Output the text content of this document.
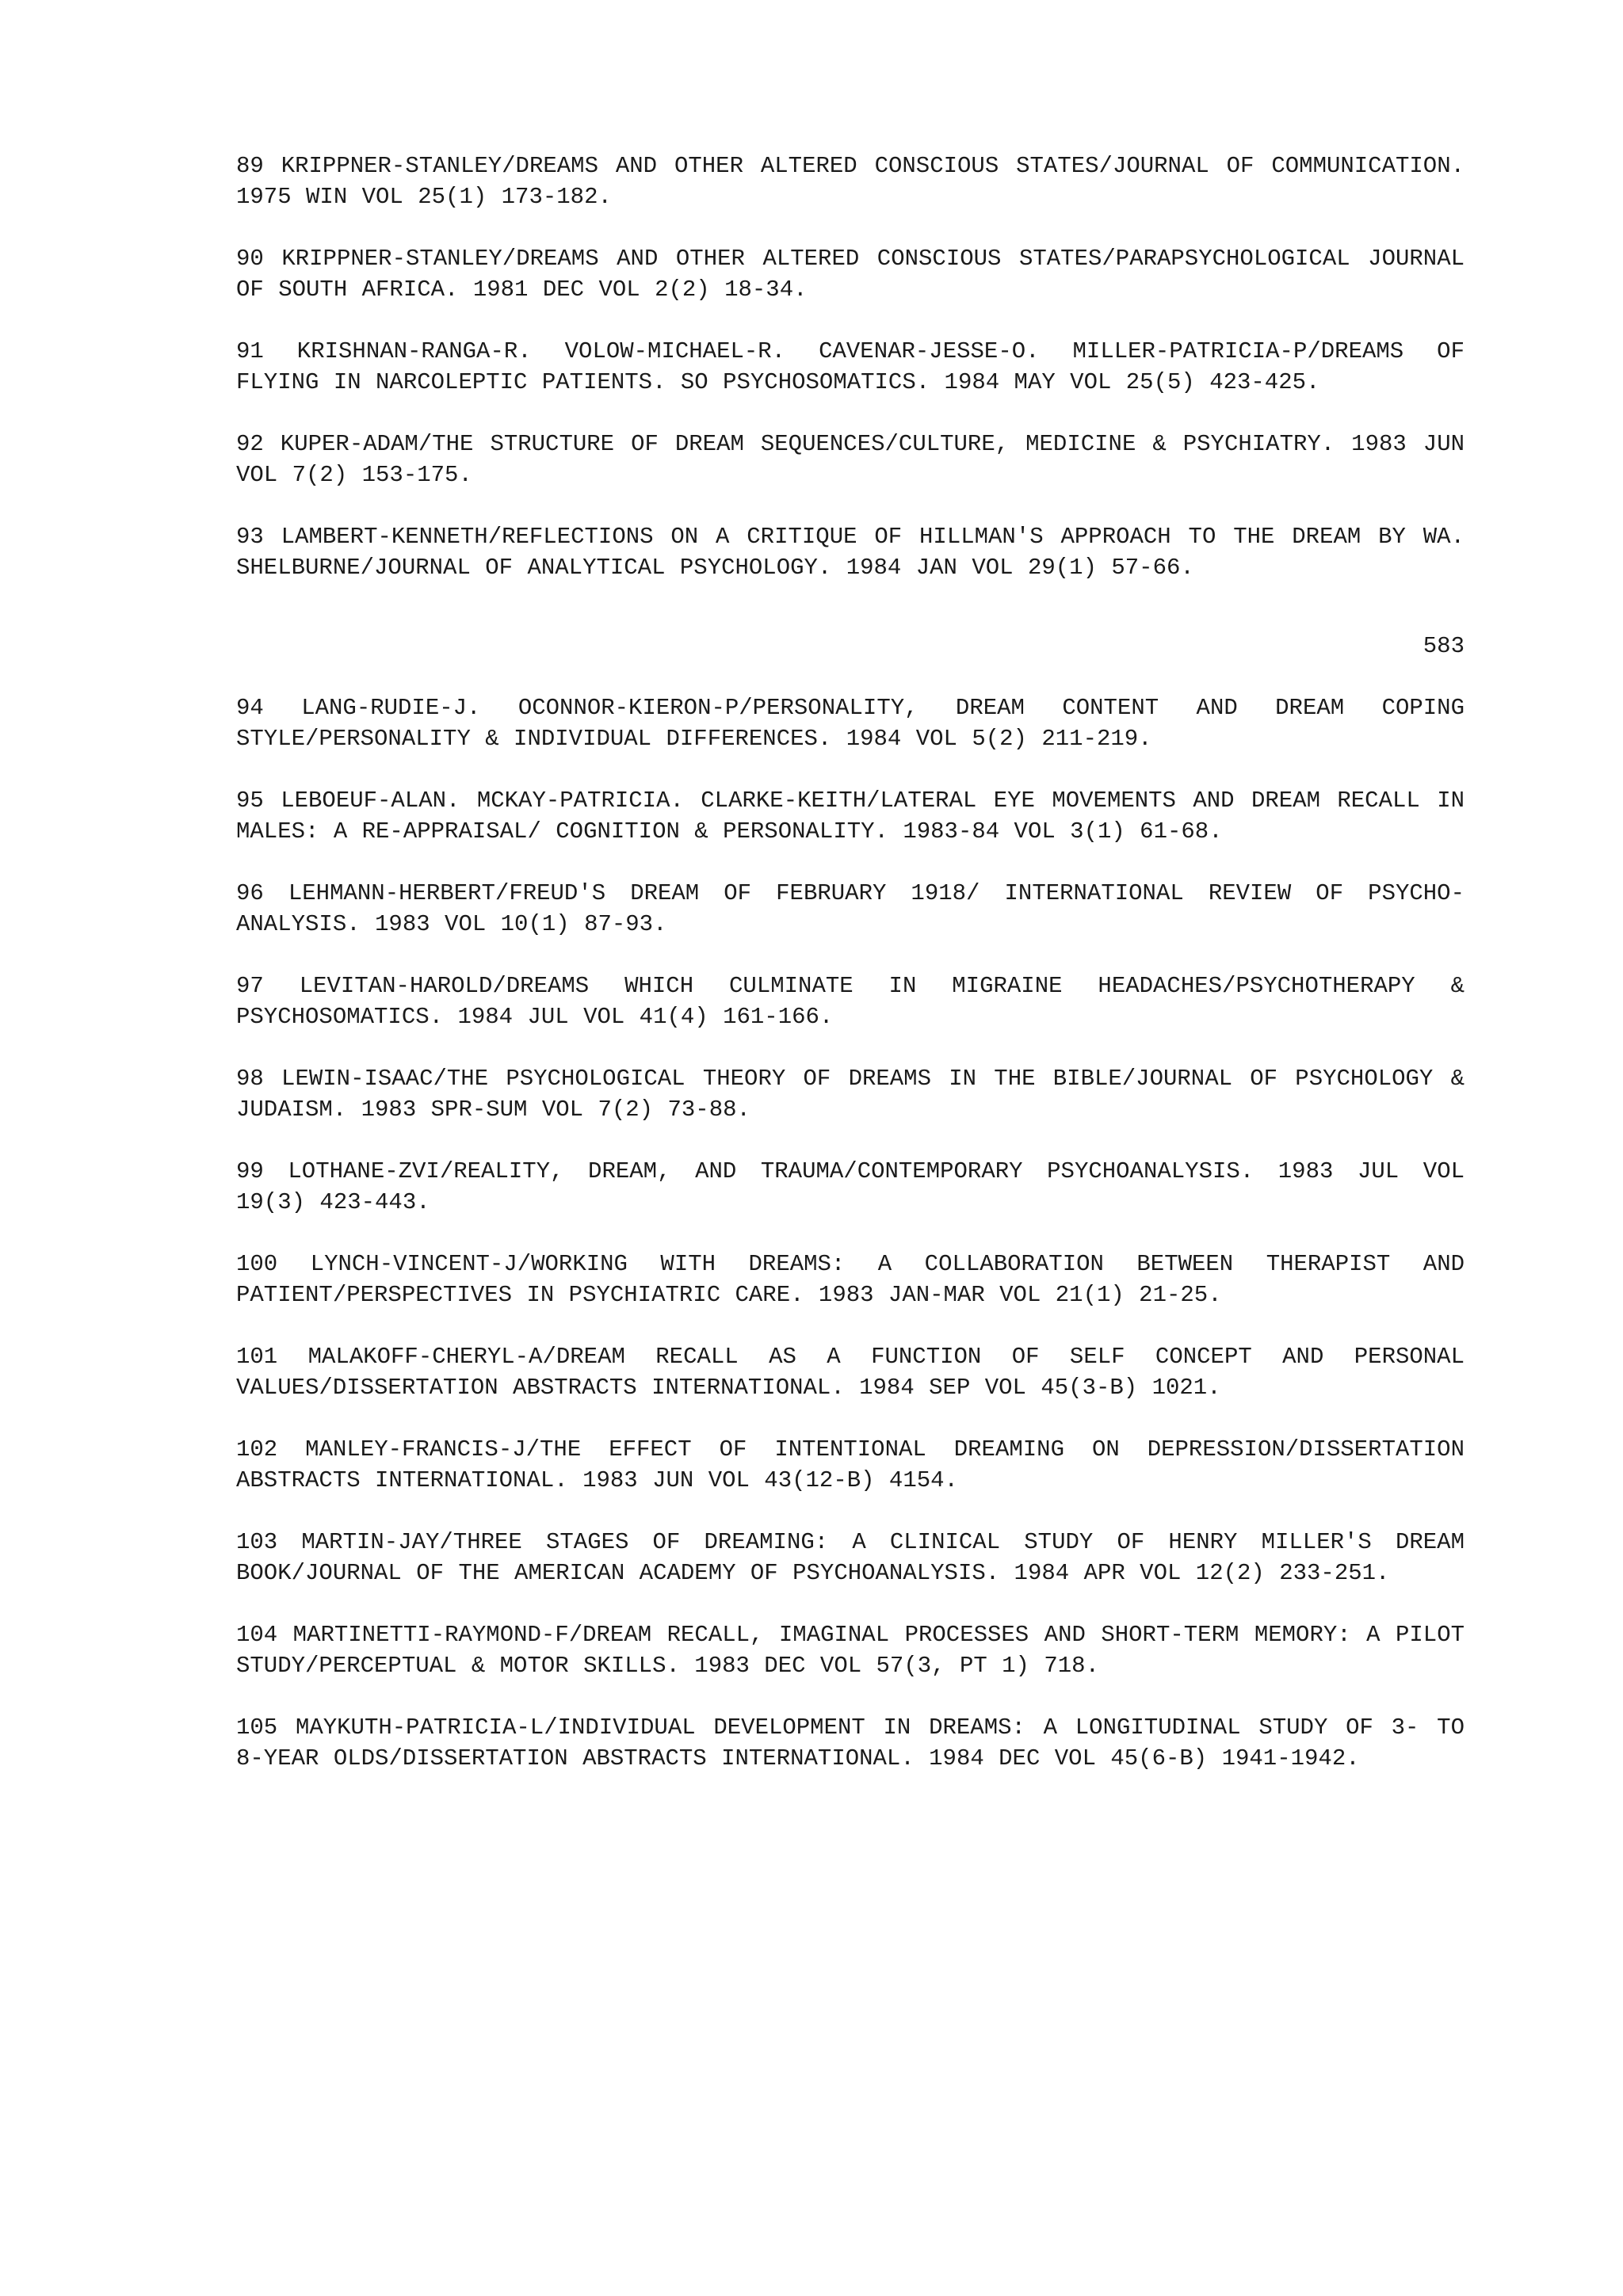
89 KRIPPNER-STANLEY/DREAMS AND OTHER ALTERED CONSCIOUS STATES/JOURNAL OF COMMUNICATION. 1975 WIN VOL 25(1) 173-182.

90 KRIPPNER-STANLEY/DREAMS AND OTHER ALTERED CONSCIOUS STATES/PARAPSYCHOLOGICAL JOURNAL OF SOUTH AFRICA. 1981 DEC VOL 2(2) 18-34.

91 KRISHNAN-RANGA-R. VOLOW-MICHAEL-R. CAVENAR-JESSE-O. MILLER-PATRICIA-P/DREAMS OF FLYING IN NARCOLEPTIC PATIENTS. SO PSYCHOSOMATICS. 1984 MAY VOL 25(5) 423-425.

92 KUPER-ADAM/THE STRUCTURE OF DREAM SEQUENCES/CULTURE, MEDICINE & PSYCHIATRY. 1983 JUN VOL 7(2) 153-175.

93 LAMBERT-KENNETH/REFLECTIONS ON A CRITIQUE OF HILLMAN'S APPROACH TO THE DREAM BY WA. SHELBURNE/JOURNAL OF ANALYTICAL PSYCHOLOGY. 1984 JAN VOL 29(1) 57-66.

583

94 LANG-RUDIE-J. OCONNOR-KIERON-P/PERSONALITY, DREAM CONTENT AND DREAM COPING STYLE/PERSONALITY & INDIVIDUAL DIFFERENCES. 1984 VOL 5(2) 211-219.

95 LEBOEUF-ALAN. MCKAY-PATRICIA. CLARKE-KEITH/LATERAL EYE MOVEMENTS AND DREAM RECALL IN MALES: A RE-APPRAISAL/ COGNITION & PERSONALITY. 1983-84 VOL 3(1) 61-68.

96 LEHMANN-HERBERT/FREUD'S DREAM OF FEBRUARY 1918/ INTERNATIONAL REVIEW OF PSYCHO-ANALYSIS. 1983 VOL 10(1) 87-93.

97 LEVITAN-HAROLD/DREAMS WHICH CULMINATE IN MIGRAINE HEADACHES/PSYCHOTHERAPY & PSYCHOSOMATICS. 1984 JUL VOL 41(4) 161-166.

98 LEWIN-ISAAC/THE PSYCHOLOGICAL THEORY OF DREAMS IN THE BIBLE/JOURNAL OF PSYCHOLOGY & JUDAISM. 1983 SPR-SUM VOL 7(2) 73-88.

99 LOTHANE-ZVI/REALITY, DREAM, AND TRAUMA/CONTEMPORARY PSYCHOANALYSIS. 1983 JUL VOL 19(3) 423-443.

100 LYNCH-VINCENT-J/WORKING WITH DREAMS: A COLLABORATION BETWEEN THERAPIST AND PATIENT/PERSPECTIVES IN PSYCHIATRIC CARE. 1983 JAN-MAR VOL 21(1) 21-25.

101 MALAKOFF-CHERYL-A/DREAM RECALL AS A FUNCTION OF SELF CONCEPT AND PERSONAL VALUES/DISSERTATION ABSTRACTS INTERNATIONAL. 1984 SEP VOL 45(3-B) 1021.

102 MANLEY-FRANCIS-J/THE EFFECT OF INTENTIONAL DREAMING ON DEPRESSION/DISSERTATION ABSTRACTS INTERNATIONAL. 1983 JUN VOL 43(12-B) 4154.

103 MARTIN-JAY/THREE STAGES OF DREAMING: A CLINICAL STUDY OF HENRY MILLER'S DREAM BOOK/JOURNAL OF THE AMERICAN ACADEMY OF PSYCHOANALYSIS. 1984 APR VOL 12(2) 233-251.

104 MARTINETTI-RAYMOND-F/DREAM RECALL, IMAGINAL PROCESSES AND SHORT-TERM MEMORY: A PILOT STUDY/PERCEPTUAL & MOTOR SKILLS. 1983 DEC VOL 57(3, PT 1) 718.

105 MAYKUTH-PATRICIA-L/INDIVIDUAL DEVELOPMENT IN DREAMS: A LONGITUDINAL STUDY OF 3- TO 8-YEAR OLDS/DISSERTATION ABSTRACTS INTERNATIONAL. 1984 DEC VOL 45(6-B) 1941-1942.
